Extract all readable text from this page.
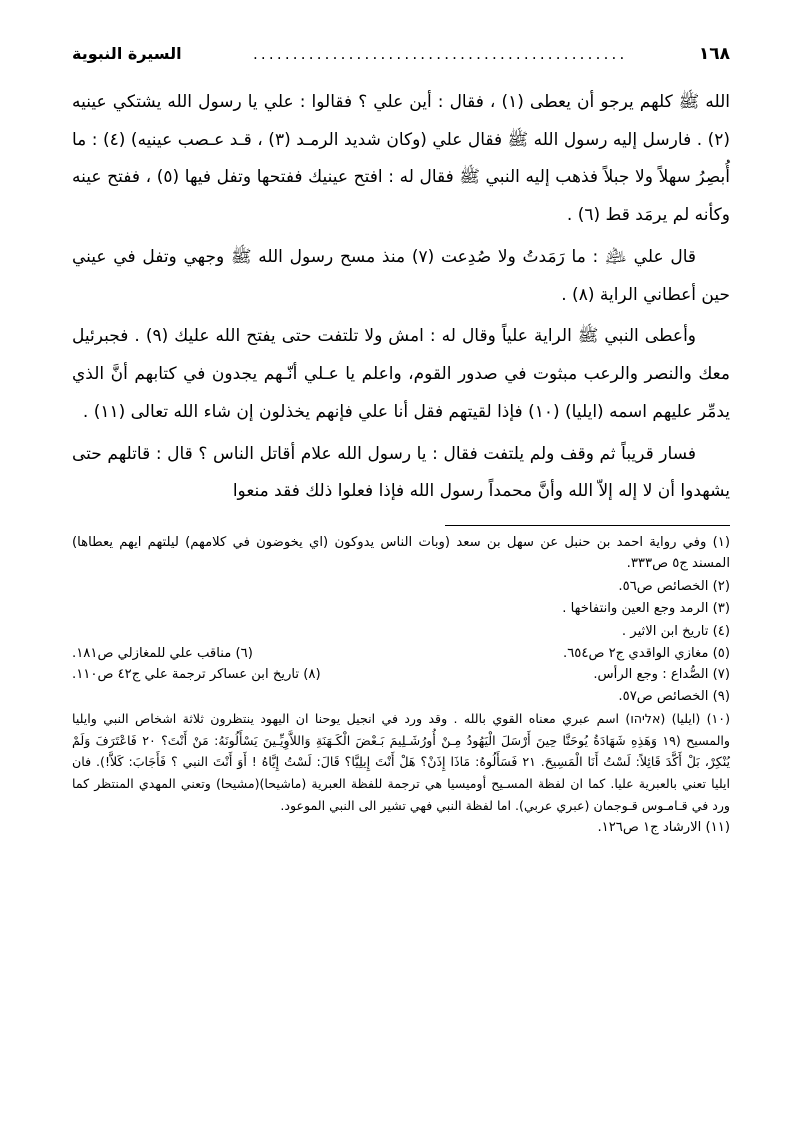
١٦٨
...............................................
السيرة النبوية

الله ﷺ كلهم يرجو أن يعطى (١) ، فقال : أين علي ؟ فقالوا : علي يا رسول الله يشتكي عينيه (٢) . فارسل إليه رسول الله ﷺ فقال علي (وكان شديد الرمـد (٣) ، قـد عـصب عينيه) (٤) : ما أُبصِرُ سهلاً ولا جبلاً فذهب إليه النبي ﷺ فقال له : افتح عينيك ففتحها وتفل فيها (٥) ، ففتح عينه وكأنه لم يرمَد قط (٦) .

قال علي ﵇ : ما رَمَدتُ ولا صُدِعت (٧) منذ مسح رسول الله ﷺ وجهي وتفل في عيني حين أعطاني الراية (٨) .

وأعطى النبي ﷺ الراية علياً وقال له : امش ولا تلتفت حتى يفتح الله عليك (٩) . فجبرئيل معك والنصر والرعب مبثوت في صدور القوم، واعلم يا عـلي أنّـهم يجدون في كتابهم أنَّ الذي يدمِّر عليهم اسمه (ايليا) (١٠) فإذا لقيتهم فقل أنا علي فإنهم يخذلون إن شاء الله تعالى (١١) .

فسار قريباً ثم وقف ولم يلتفت فقال : يا رسول الله علام أقاتل الناس ؟ قال : قاتلهم حتى يشهدوا أن لا إله إلاّ الله وأنَّ محمداً رسول الله فإذا فعلوا ذلك فقد منعوا

(١) وفي رواية احمد بن حنبل عن سهل بن سعد (وبات الناس يدوكون (اي يخوضون في كلامهم) ليلتهم ايهم يعطاها) المسند ج٥ ص٣٣٣.

(٢) الخصائص ص٥٦.

(٣) الرمد وجع العين وانتفاخها .

(٤) تاريخ ابن الاثير .

(٥) مغازي الواقدي ج٢ ص٦٥٤.
(٦) مناقب علي للمغازلي ص١٨١.
(٧) الصُّداع : وجع الرأس.
(٨) تاريخ ابن عساكر ترجمة علي ج٤٢ ص١١٠.

(٩) الخصائص ص٥٧.

(١٠) (ايليا) (אליהו) اسم عبري معناه القوي بالله . وقد ورد في انجيل يوحنا ان اليهود ينتظرون ثلاثة اشخاص النبي وايليا والمسيح (١٩ وَهَذِهِ شَهَادَةُ يُوحَنَّا حِينَ أَرْسَلَ الْيَهُودُ مِـنْ أُورُشَـلِيمَ بَـعْضَ الْكَـهَنَةِ وَاللاَّوِيِّـينَ يَسْأَلُونَهُ: مَنْ أَنْتَ؟ ٢٠ فَاعْتَرَفَ وَلَمْ يُنْكِرْ، بَلْ أَكَّدَ قَائِلاً: لَسْتُ أَنَا الْمَسِيحَ. ٢١ فَسَأَلُوهُ: مَاذَا إِذَنْ؟ هَلْ أَنْتَ إِيلِيَّا؟ قَالَ: لَسْتُ إِيَّاهُ ! أَوَ أَنْتَ النبي ؟ فَأَجَابَ: كَلاَّ!). فان ايليا تعني بالعبرية عليا. كما ان لفظة المسـيح أوميسيا هي ترجمة للفظة العبرية (ماشيحا)(مشيحا) وتعني المهدي المنتظر كما ورد في قـامـوس قـوجمان (عبري عربي). اما لفظة النبي فهي تشير الى النبي الموعود.

(١١) الارشاد ج١ ص١٢٦.
